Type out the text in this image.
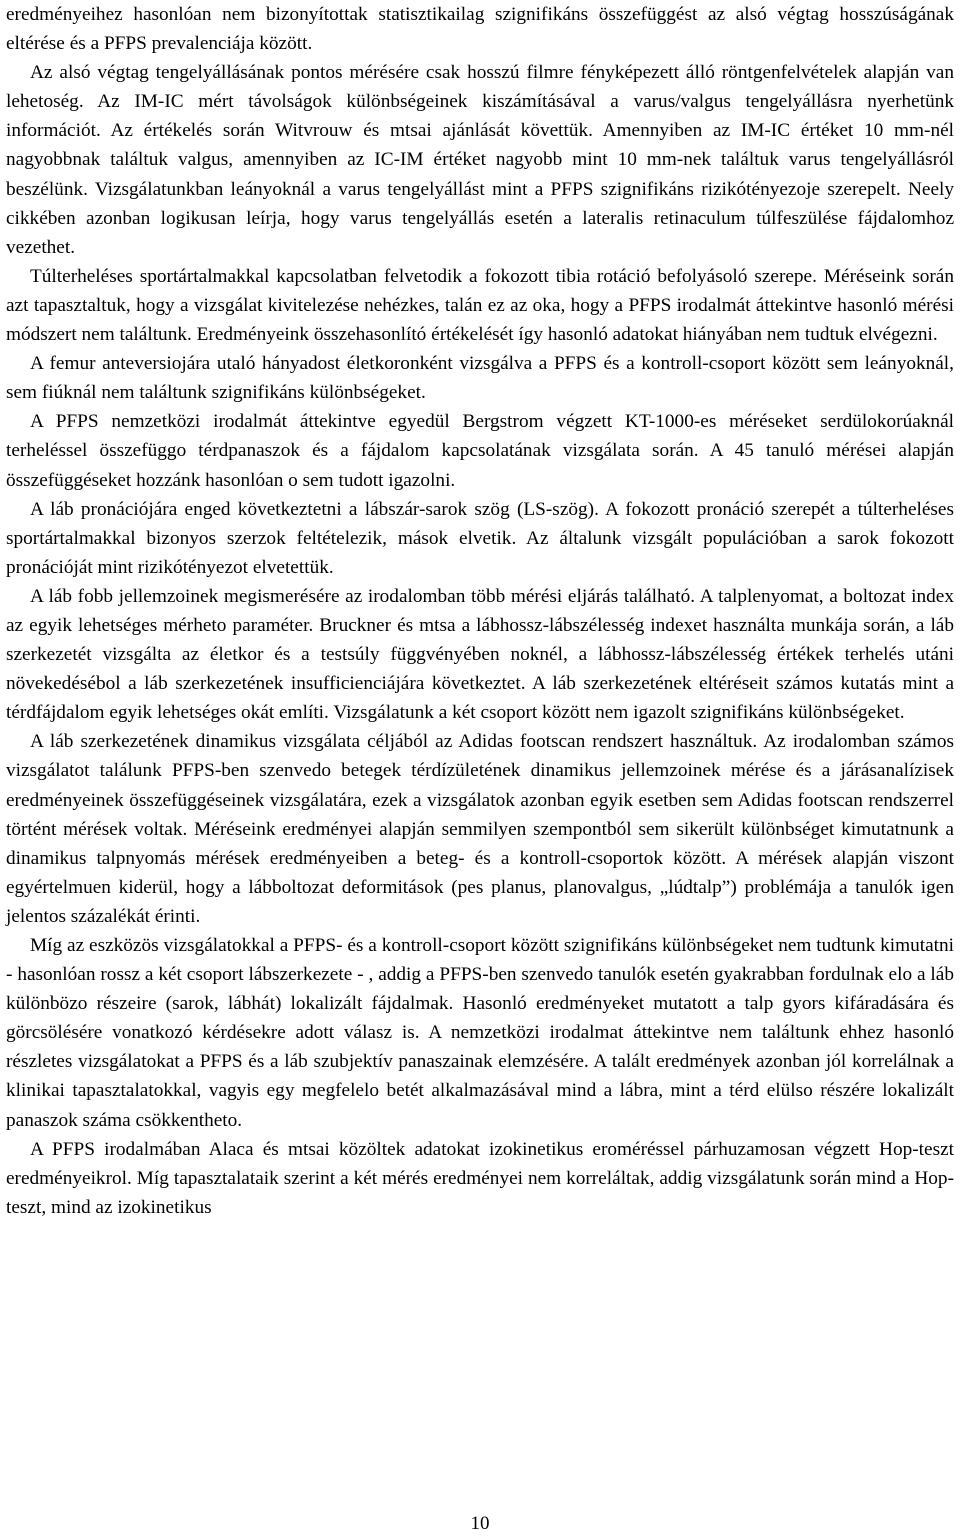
eredményeihez hasonlóan nem bizonyítottak statisztikailag szignifikáns összefüggést az alsó végtag hosszúságának eltérése és a PFPS prevalenciája között.

Az alsó végtag tengelyállásának pontos mérésére csak hosszú filmre fényképezett álló röntgenfelvételek alapján van lehetoség. Az IM-IC mért távolságok különbségeinek kiszámításával a varus/valgus tengelyállásra nyerhetünk információt. Az értékelés során Witvrouw és mtsai ajánlását követtük. Amennyiben az IM-IC értéket 10 mm-nél nagyobbnak találtuk valgus, amennyiben az IC-IM értéket nagyobb mint 10 mm-nek találtuk varus tengelyállásról beszélünk. Vizsgálatunkban leányoknál a varus tengelyállást mint a PFPS szignifikáns rizikótényezoje szerepelt. Neely cikkében azonban logikusan leírja, hogy varus tengelyállás esetén a lateralis retinaculum túlfeszülése fájdalomhoz vezethet.

Túlterheléses sportártalmakkal kapcsolatban felvetodik a fokozott tibia rotáció befolyásoló szerepe. Méréseink során azt tapasztaltuk, hogy a vizsgálat kivitelezése nehézkes, talán ez az oka, hogy a PFPS irodalmát áttekintve hasonló mérési módszert nem találtunk. Eredményeink összehasonlító értékelését így hasonló adatokat hiányában nem tudtuk elvégezni.

A femur anteversiojára utaló hányadost életkoronként vizsgálva a PFPS és a kontroll-csoport között sem leányoknál, sem fiúknál nem találtunk szignifikáns különbségeket.

A PFPS nemzetközi irodalmát áttekintve egyedül Bergstrom végzett KT-1000-es méréseket serdülokorúaknál terheléssel összefüggo térdpanaszok és a fájdalom kapcsolatának vizsgálata során. A 45 tanuló mérései alapján összefüggéseket hozzánk hasonlóan o sem tudott igazolni.

A láb pronációjára enged következtetni a lábszár-sarok szög (LS-szög). A fokozott pronáció szerepét a túlterheléses sportártalmakkal bizonyos szerzok feltételezik, mások elvetik. Az általunk vizsgált populációban a sarok fokozott pronációját mint rizikótényezot elvetettük.

A láb fobb jellemzoinek megismerésére az irodalomban több mérési eljárás található. A talplenyomat, a boltozat index az egyik lehetséges mérheto paraméter. Bruckner és mtsa a lábhossz-lábszélesség indexet használta munkája során, a láb szerkezetét vizsgálta az életkor és a testsúly függvényében noknél, a lábhossz-lábszélesség értékek terhelés utáni növekedésébol a láb szerkezetének insufficienciájára következtet. A láb szerkezetének eltéréseit számos kutatás mint a térdfájdalom egyik lehetséges okát említi. Vizsgálatunk a két csoport között nem igazolt szignifikáns különbségeket.

A láb szerkezetének dinamikus vizsgálata céljából az Adidas footscan rendszert használtuk. Az irodalomban számos vizsgálatot találunk PFPS-ben szenvedo betegek térdízületének dinamikus jellemzoinek mérése és a járásanalízisek eredményeinek összefüggéseinek vizsgálatára, ezek a vizsgálatok azonban egyik esetben sem Adidas footscan rendszerrel történt mérések voltak. Méréseink eredményei alapján semmilyen szempontból sem sikerült különbséget kimutatnunk a dinamikus talpnyomás mérések eredményeiben a beteg- és a kontroll-csoportok között. A mérések alapján viszont egyértelmuen kiderül, hogy a lábboltozat deformitások (pes planus, planovalgus, „lúdtalp”) problémája a tanulók igen jelentos százalékát érinti.

Míg az eszközös vizsgálatokkal a PFPS- és a kontroll-csoport között szignifikáns különbségeket nem tudtunk kimutatni - hasonlóan rossz a két csoport lábszerkezete - , addig a PFPS-ben szenvedo tanulók esetén gyakrabban fordulnak elo a láb különbözo részeire (sarok, lábhát) lokalizált fájdalmak. Hasonló eredményeket mutatott a talp gyors kifáradására és görcsölésére vonatkozó kérdésekre adott válasz is. A nemzetközi irodalmat áttekintve nem találtunk ehhez hasonló részletes vizsgálatokat a PFPS és a láb szubjektív panaszainak elemzésére. A talált eredmények azonban jól korrelálnak a klinikai tapasztalatokkal, vagyis egy megfelelo betét alkalmazásával mind a lábra, mint a térd elülso részére lokalizált panaszok száma csökkentheto.

A PFPS irodalmában Alaca és mtsai közöltek adatokat izokinetikus eroméréssel párhuzamosan végzett Hop-teszt eredményeikrol. Míg tapasztalataik szerint a két mérés eredményei nem korreláltak, addig vizsgálatunk során mind a Hop-teszt, mind az izokinetikus

10
